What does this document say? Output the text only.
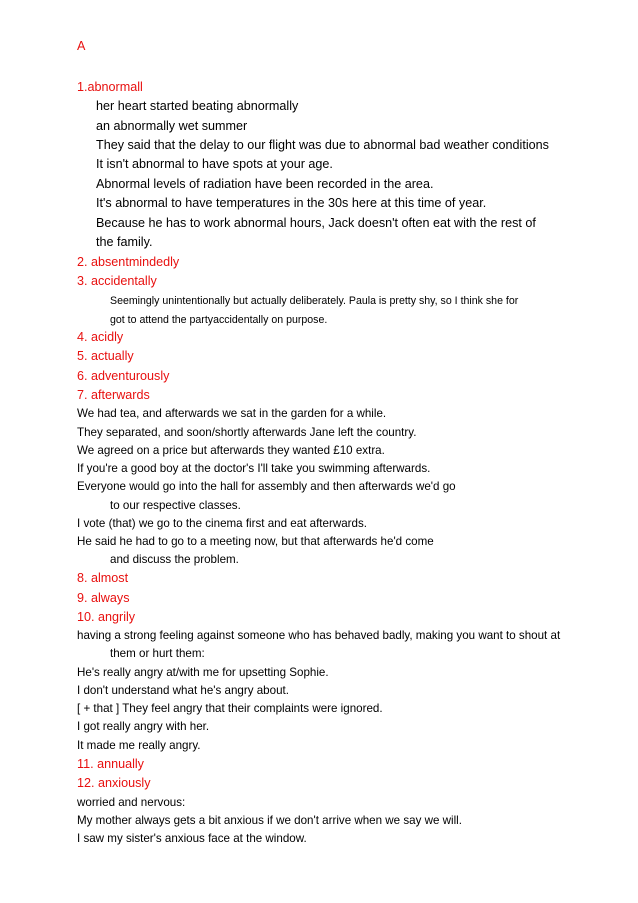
A
1.abnormall
her heart started beating abnormally
an abnormally wet summer
They said that the delay to our flight was due to abnormal bad weather conditions
It isn't abnormal to have spots at your age.
Abnormal levels of radiation have been recorded in the area.
It's abnormal to have temperatures in the 30s here at this time of year.
Because he has to work abnormal hours, Jack doesn't often eat with the rest of
the family.
2. absentmindedly
3. accidentally
Seemingly unintentionally but actually deliberately. Paula is pretty shy, so I think she for
got to attend the partyaccidentally on purpose.
4. acidly
5. actually
6. adventurously
7. afterwards
We had tea, and afterwards we sat in the garden for a while.
They separated, and soon/shortly afterwards Jane left the country.
We agreed on a price but afterwards they wanted £10 extra.
If you're a good boy at the doctor's I'll take you swimming afterwards.
Everyone would go into the hall for assembly and then afterwards we'd go
to our respective classes.
I vote (that) we go to the cinema first and eat afterwards.
He said he had to go to a meeting now, but that afterwards he'd come
and discuss the problem.
8. almost
9. always
10. angrily
having a strong feeling against someone who has behaved badly, making you want to shout at
them or hurt them:
He's really angry at/with me for upsetting Sophie.
I don't understand what he's angry about.
[ + that ] They feel angry that their complaints were ignored.
I got really angry with her.
It made me really angry.
11. annually
12. anxiously
worried and nervous:
My mother always gets a bit anxious if we don't arrive when we say we will.
I saw my sister's anxious face at the window.
